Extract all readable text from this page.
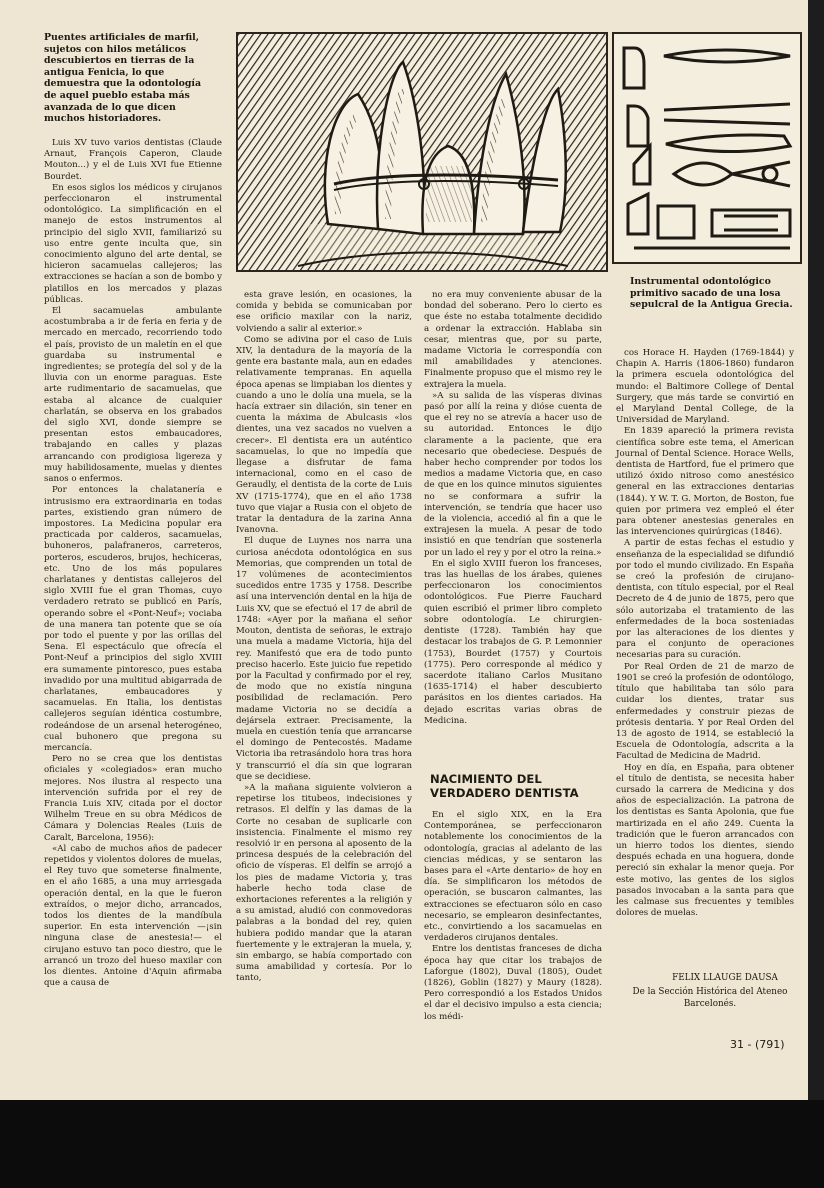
Puentes artificiales de marfil, sujetos con hilos metálicos descubiertos en tierras de la antigua Fenicia, lo que demuestra que la odontología de aquel pueblo estaba más avanzada de lo que dicen muchos historiadores.

Luis XV tuvo varios dentistas (Claude Arnaut, François Caperon, Claude Mouton...) y el de Luis XVI fue Etienne Bourdet.

En esos siglos los médicos y cirujanos perfeccionaron el instrumental odontológico. La simplificación en el manejo de estos instrumentos al principio del siglo XVII, familiarizó su uso entre gente inculta que, sin conocimiento alguno del arte dental, se hicieron sacamuelas callejeros; las extracciones se hacían a son de bombo y platillos en los mercados y plazas públicas.

El sacamuelas ambulante acostumbraba a ir de feria en feria y de mercado en mercado, recorriendo todo el país, provisto de un maletín en el que guardaba su instrumental e ingredientes; se protegía del sol y de la lluvia con un enorme paraguas. Este arte rudimentario de sacamuelas, que estaba al alcance de cualquier charlatán, se observa en los grabados del siglo XVI, donde siempre se presentan estos embaucadores, trabajando en calles y plazas arrancando con prodigiosa ligereza y muy habilidosamente, muelas y dientes sanos o enfermos.

Por entonces la chalatanería e intrusismo era extraordinaria en todas partes, existiendo gran número de impostores. La Medicina popular era practicada por calderos, sacamuelas, buhoneros, palafraneros, carreteros, porteros, escuderos, brujos, hechiceras, etc. Uno de los más populares charlatanes y dentistas callejeros del siglo XVIII fue el gran Thomas, cuyo verdadero retrato se publicó en París, operando sobre el «Pont-Neuf»; vociaba de una manera tan potente que se oía por todo el puente y por las orillas del Sena. El espectáculo que ofrecía el Pont-Neuf a principios del siglo XVIII era sumamente pintoresco, pues estaba invadido por una multitud abigarrada de charlatanes, embaucadores y sacamuelas. En Italia, los dentistas callejeros seguían idéntica costumbre, rodeándose de un arsenal heterogéneo, cual buhonero que pregona su mercancía.

Pero no se crea que los dentistas oficiales y «colegiados» eran mucho mejores. Nos ilustra al respecto una intervención sufrida por el rey de Francia Luis XIV, citada por el doctor Wilhelm Treue en su obra Médicos de Cámara y Dolencias Reales (Luis de Caralt, Barcelona, 1956):

«Al cabo de muchos años de padecer repetidos y violentos dolores de muelas, el Rey tuvo que someterse finalmente, en el año 1685, a una muy arriesgada operación dental, en la que le fueron extraídos, o mejor dicho, arrancados, todos los dientes de la mandíbula superior. En esta intervención —¡sin ninguna clase de anestesia!— el cirujano estuvo tan poco diestro, que le arrancó un trozo del hueso maxilar con los dientes. Antoine d'Aquin afirmaba que a causa de

esta grave lesión, en ocasiones, la comida y bebida se comunicaban por ese orificio maxilar con la nariz, volviendo a salir al exterior.»

Como se adivina por el caso de Luis XIV, la dentadura de la mayoría de la gente era bastante mala, aun en edades relativamente tempranas. En aquella época apenas se limpiaban los dientes y cuando a uno le dolía una muela, se la hacía extraer sin dilación, sin tener en cuenta la máxima de Abulcasis «los dientes, una vez sacados no vuelven a crecer». El dentista era un auténtico sacamuelas, lo que no impedía que llegase a disfrutar de fama internacional, como en el caso de Geraudly, el dentista de la corte de Luis XV (1715-1774), que en el año 1738 tuvo que viajar a Rusia con el objeto de tratar la dentadura de la zarina Anna Ivanovna.

El duque de Luynes nos narra una curiosa anécdota odontológica en sus Memorias, que comprenden un total de 17 volúmenes de acontecimientos sucedidos entre 1735 y 1758. Describe así una intervención dental en la hija de Luis XV, que se efectuó el 17 de abril de 1748: «Ayer por la mañana el señor Mouton, dentista de señoras, le extrajo una muela a madame Victoria, hija del rey. Manifestó que era de todo punto preciso hacerlo. Este juicio fue repetido por la Facultad y confirmado por el rey, de modo que no existía ninguna posibilidad de reclamación. Pero madame Victoria no se decidía a dejársela extraer. Precisamente, la muela en cuestión tenía que arrancarse el domingo de Pentecostés. Madame Victoria iba retrasándolo hora tras hora y transcurrió el día sin que lograran que se decidiese.

»A la mañana siguiente volvieron a repetirse los titubeos, indecisiones y retrasos. El delfín y las damas de la Corte no cesaban de suplicarle con insistencia. Finalmente el mismo rey resolvió ir en persona al aposento de la princesa después de la celebración del oficio de vísperas. El delfín se arrojó a los pies de madame Victoria y, tras haberle hecho toda clase de exhortaciones referentes a la religión y a su amistad, aludió con conmovedoras palabras a la bondad del rey, quien hubiera podido mandar que la ataran fuertemente y le extrajeran la muela, y, sin embargo, se había comportado con suma amabilidad y cortesía. Por lo tanto,

no era muy conveniente abusar de la bondad del soberano. Pero lo cierto es que éste no estaba totalmente decidido a ordenar la extracción. Hablaba sin cesar, mientras que, por su parte, madame Victoria le correspondía con mil amabilidades y atenciones. Finalmente propuso que el mismo rey le extrajera la muela.

»A su salida de las vísperas divinas pasó por allí la reina y dióse cuenta de que el rey no se atrevía a hacer uso de su autoridad. Entonces le dijo claramente a la paciente, que era necesario que obedeciese. Después de haber hecho comprender por todos los medios a madame Victoria que, en caso de que en los quince minutos siguientes no se conformara a sufrir la intervención, se tendría que hacer uso de la violencia, accedió al fin a que le extrajesen la muela. A pesar de todo insistió en que tendrían que sostenerla por un lado el rey y por el otro la reina.»

En el siglo XVIII fueron los franceses, tras las huellas de los árabes, quienes perfeccionaron los conocimientos odontológicos. Fue Pierre Fauchard quien escribió el primer libro completo sobre odontología. Le chirurgien-dentiste (1728). También hay que destacar los trabajos de G. P. Lemonnier (1753), Bourdet (1757) y Courtois (1775). Pero corresponde al médico y sacerdote italiano Carlos Musitano (1635-1714) el haber descubierto parásitos en los dientes cariados. Ha dejado escritas varias obras de Medicina.

NACIMIENTO DEL VERDADERO DENTISTA

En el siglo XIX, en la Era Contemporánea, se perfeccionaron notablemente los conocimientos de la odontología, gracias al adelanto de las ciencias médicas, y se sentaron las bases para el «Arte dentario» de hoy en día. Se simplificaron los métodos de operación, se buscaron calmantes, las extracciones se efectuaron sólo en caso necesario, se emplearon desinfectantes, etc., convirtiendo a los sacamuelas en verdaderos cirujanos dentales.

Entre los dentistas franceses de dicha época hay que citar los trabajos de Laforgue (1802), Duval (1805), Oudet (1826), Goblin (1827) y Maury (1828). Pero correspondió a los Estados Unidos el dar el decisivo impulso a esta ciencia; los médi-

Instrumental odontológico primitivo sacado de una losa sepulcral de la Antigua Grecia.

cos Horace H. Hayden (1769-1844) y Chapin A. Harris (1806-1860) fundaron la primera escuela odontológica del mundo: el Baltimore College of Dental Surgery, que más tarde se convirtió en el Maryland Dental College, de la Universidad de Maryland.

En 1839 apareció la primera revista científica sobre este tema, el American Journal of Dental Science. Horace Wells, dentista de Hartford, fue el primero que utilizó óxido nitroso como anestésico general en las extracciones dentarias (1844). Y W. T. G. Morton, de Boston, fue quien por primera vez empleó el éter para obtener anestesias generales en las intervenciones quirúrgicas (1846).

A partir de estas fechas el estudio y enseñanza de la especialidad se difundió por todo el mundo civilizado. En España se creó la profesión de cirujano-dentista, con título especial, por el Real Decreto de 4 de junio de 1875, pero que sólo autorizaba el tratamiento de las enfermedades de la boca sosteniadas por las alteraciones de los dientes y para el conjunto de operaciones necesarias para su curación.

Por Real Orden de 21 de marzo de 1901 se creó la profesión de odontólogo, título que habilitaba tan sólo para cuidar los dientes, tratar sus enfermedades y construir piezas de prótesis dentaria. Y por Real Orden del 13 de agosto de 1914, se estableció la Escuela de Odontología, adscrita a la Facultad de Medicina de Madrid.

Hoy en día, en España, para obtener el título de dentista, se necesita haber cursado la carrera de Medicina y dos años de especialización. La patrona de los dentistas es Santa Apolonia, que fue martirizada en el año 249. Cuenta la tradición que le fueron arrancados con un hierro todos los dientes, siendo después echada en una hoguera, donde pereció sin exhalar la menor queja. Por este motivo, las gentes de los siglos pasados invocaban a la santa para que les calmase sus frecuentes y temibles dolores de muelas.

FELIX LLAUGE DAUSA

De la Sección Histórica del Ateneo Barcelonés.

31 - (791)
